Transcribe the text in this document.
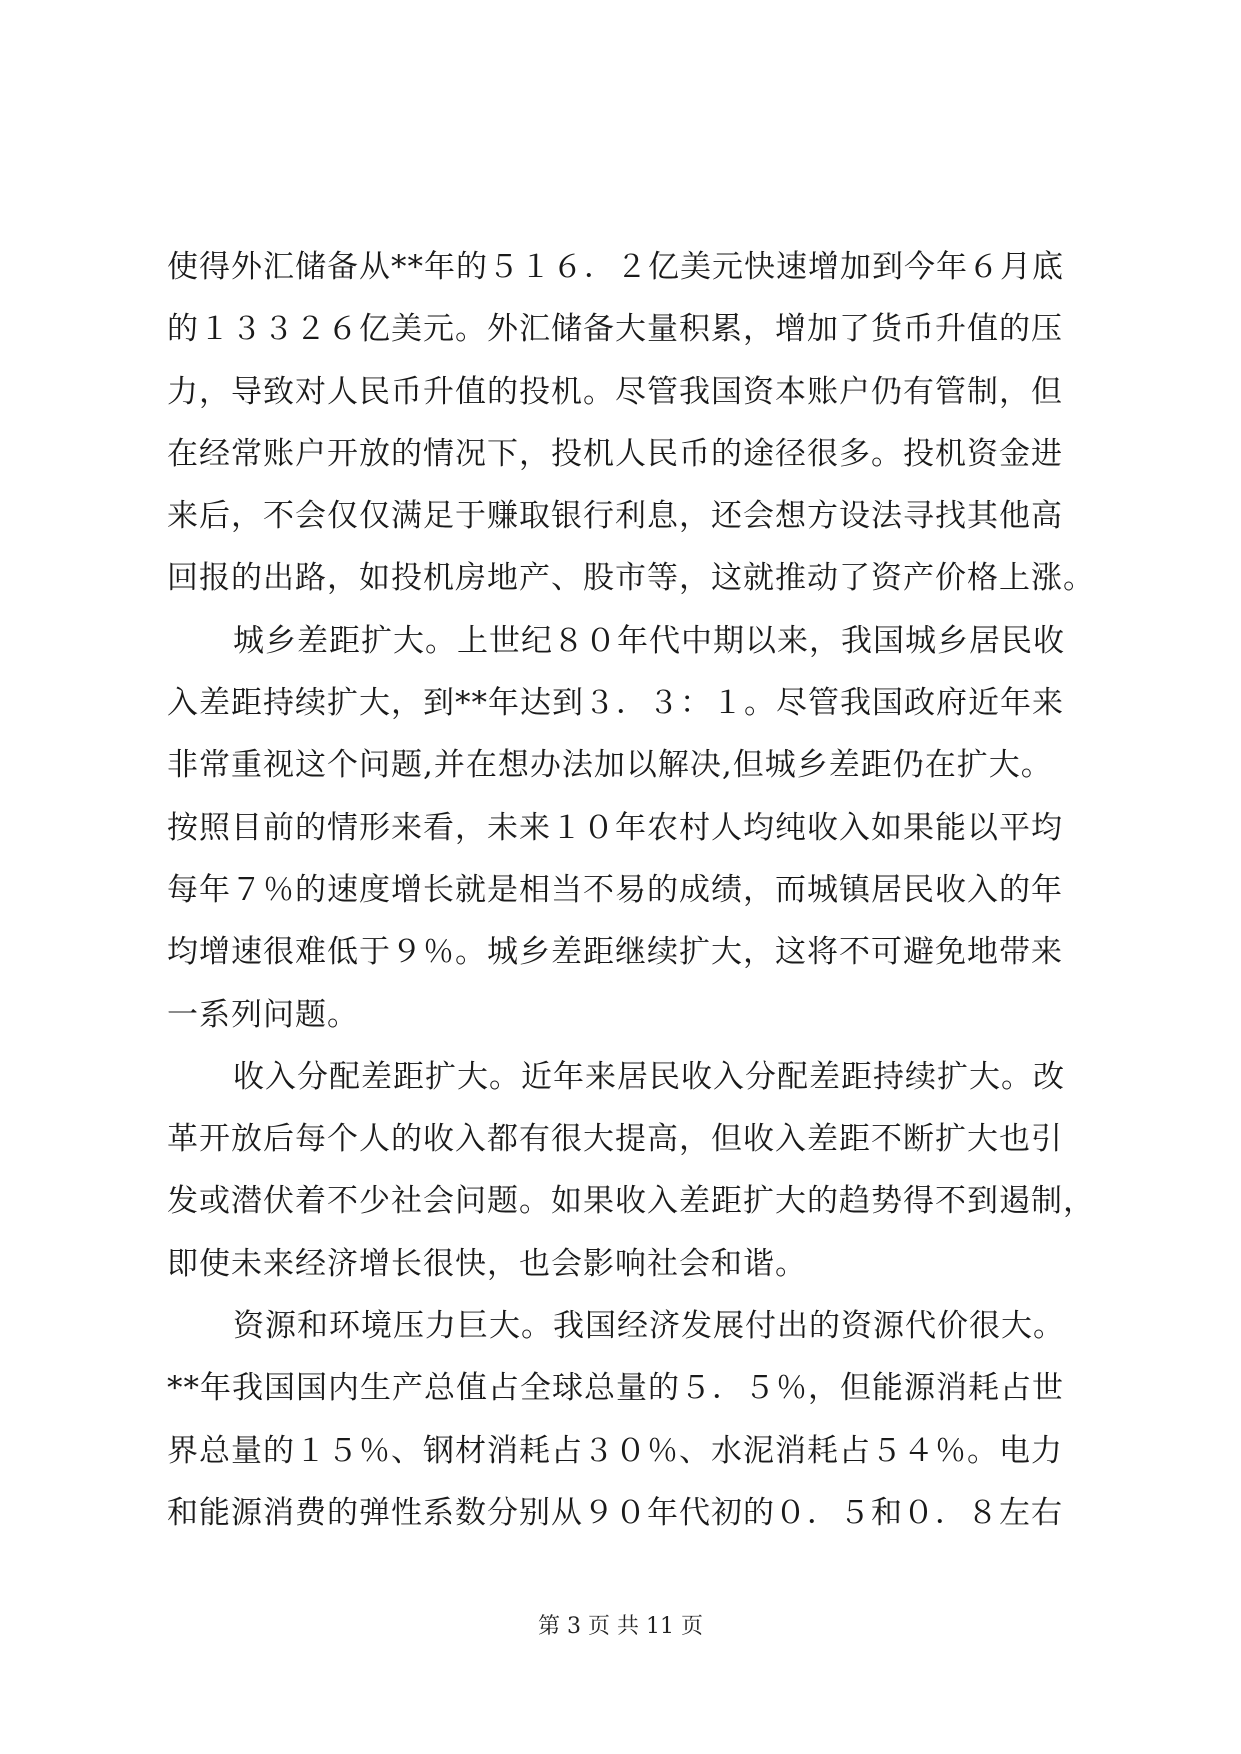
使得外汇储备从**年的５１６．２亿美元快速增加到今年６月底
的１３３２６亿美元。外汇储备大量积累，增加了货币升值的压
力，导致对人民币升值的投机。尽管我国资本账户仍有管制，但
在经常账户开放的情况下，投机人民币的途径很多。投机资金进
来后，不会仅仅满足于赚取银行利息，还会想方设法寻找其他高
回报的出路，如投机房地产、股市等，这就推动了资产价格上涨。
城乡差距扩大。上世纪８０年代中期以来，我国城乡居民收
入差距持续扩大，到**年达到３．３：１。尽管我国政府近年来
非常重视这个问题,并在想办法加以解决,但城乡差距仍在扩大。
按照目前的情形来看，未来１０年农村人均纯收入如果能以平均
每年７％的速度增长就是相当不易的成绩，而城镇居民收入的年
均增速很难低于９％。城乡差距继续扩大，这将不可避免地带来
一系列问题。
收入分配差距扩大。近年来居民收入分配差距持续扩大。改
革开放后每个人的收入都有很大提高，但收入差距不断扩大也引
发或潜伏着不少社会问题。如果收入差距扩大的趋势得不到遏制，
即使未来经济增长很快，也会影响社会和谐。
资源和环境压力巨大。我国经济发展付出的资源代价很大。
**年我国国内生产总值占全球总量的５．５％，但能源消耗占世
界总量的１５％、钢材消耗占３０％、水泥消耗占５４％。电力
和能源消费的弹性系数分别从９０年代初的０．５和０．８左右
第 3 页 共 11 页
